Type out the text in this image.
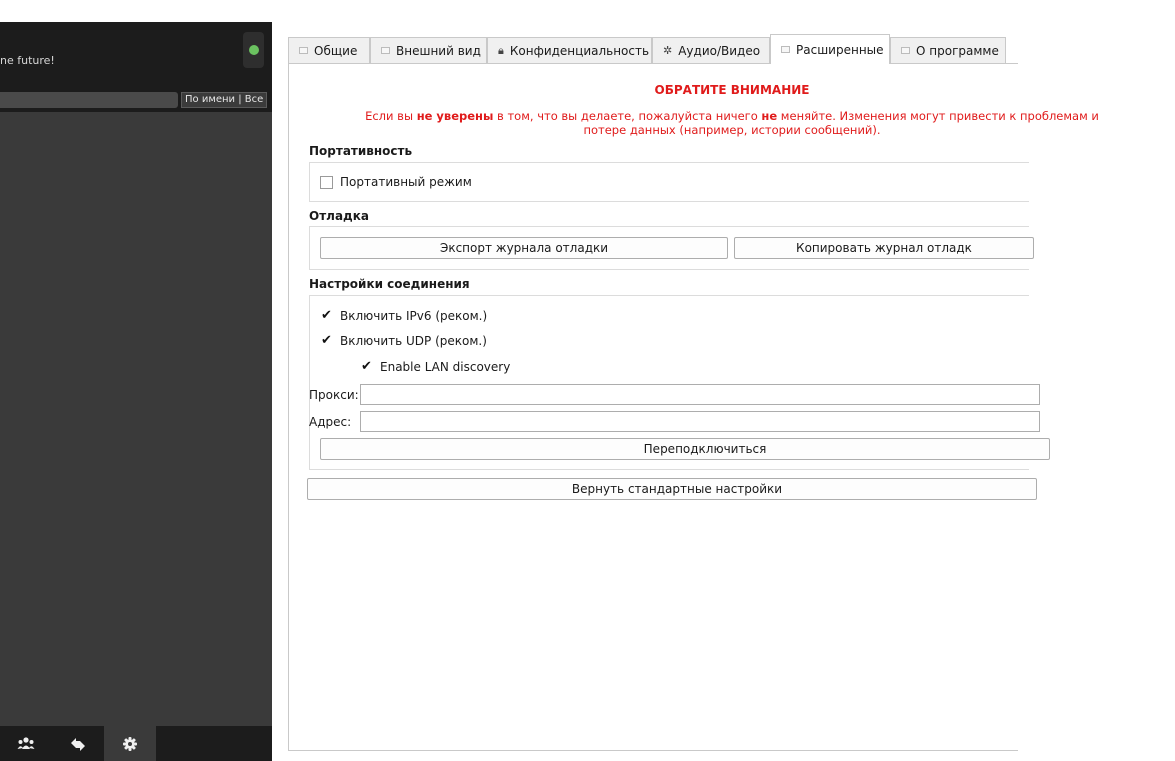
ne future!
По имени | Все
Общие	Внешний вид 🔒︎ Конфиденциальность ✲ Аудио/Видео	Расширенные	О программе
ОБРАТИТЕ ВНИМАНИЕ
Если вы не уверены в том, что вы делаете, пожалуйста ничего не меняйте. Изменения могут привести к проблемам и
потере данных (например, истории сообщений).
Портативность
Портативный режим
Отладка
Экспорт журнала отладки	Копировать журнал отладк
Настройки соединения
✔
Включить IPv6 (реком.)
✔
Включить UDP (реком.)
✔
Enable LAN discovery
Прокси:
Адрес:
Переподключиться
Вернуть стандартные настройки
